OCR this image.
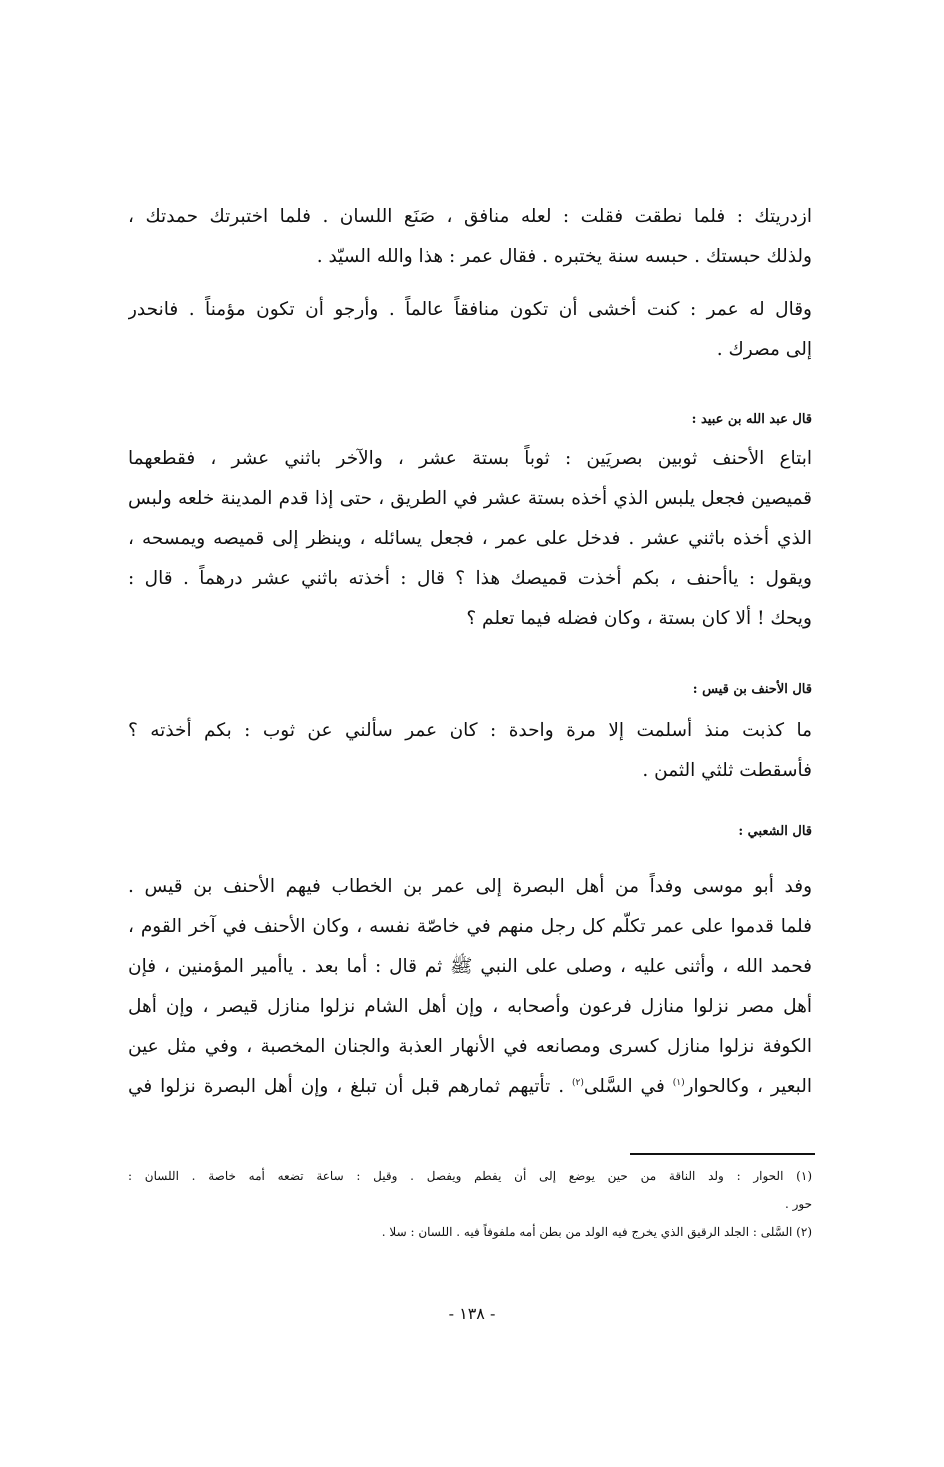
ازدريتك : فلما نطقت فقلت : لعله منافق ، صَنَع اللسان . فلما اختبرتك حمدتك ،
ولذلك حبستك . حبسه سنة يختبره . فقال عمر : هذا والله السيّد .
وقال له عمر : كنت أخشى أن تكون منافقاً عالماً . وأرجو أن تكون مؤمناً . فانحدر
إلى مصرك .
قال عبد الله بن عبيد :
ابتاع الأحنف ثوبين بصريَين : ثوباً بستة عشر ، والآخر باثني عشر ، فقطعهما
قميصين فجعل يلبس الذي أخذه بستة عشر في الطريق ، حتى إذا قدم المدينة خلعه ولبس
الذي أخذه باثني عشر . فدخل على عمر ، فجعل يسائله ، وينظر إلى قميصه ويمسحه ،
ويقول : ياأحنف ، بكم أخذت قميصك هذا ؟ قال : أخذته باثني عشر درهماً . قال :
ويحك ! ألا كان بستة ، وكان فضله فيما تعلم ؟
قال الأحنف بن قيس :
ما كذبت منذ أسلمت إلا مرة واحدة : كان عمر سألني عن ثوب : بكم أخذته ؟
فأسقطت ثلثي الثمن .
قال الشعبي :
وفد أبو موسى وفداً من أهل البصرة إلى عمر بن الخطاب فيهم الأحنف بن قيس .
فلما قدموا على عمر تكلّم كل رجل منهم في خاصّة نفسه ، وكان الأحنف في آخر القوم ،
فحمد الله ، وأثنى عليه ، وصلى على النبي ﷺ ثم قال : أما بعد . ياأمير المؤمنين ، فإن
أهل مصر نزلوا منازل فرعون وأصحابه ، وإن أهل الشام نزلوا منازل قيصر ، وإن أهل
الكوفة نزلوا منازل كسرى ومصانعه في الأنهار العذبة والجنان المخصبة ، وفي مثل عين
البعير ، وكالحوار$^{(١)}$ في السَّلى$^{(٢)}$ . تأتيهم ثمارهم قبل أن تبلغ ، وإن أهل البصرة نزلوا في
(١) الحوار : ولد الناقة من حين يوضع إلى أن يفطم ويفصل . وقيل : ساعة تضعه أمه خاصة . اللسان :
حور .
(٢) السَّلى : الجلد الرقيق الذي يخرج فيه الولد من بطن أمه ملفوفاً فيه . اللسان : سلا .
- ١٣٨ -
